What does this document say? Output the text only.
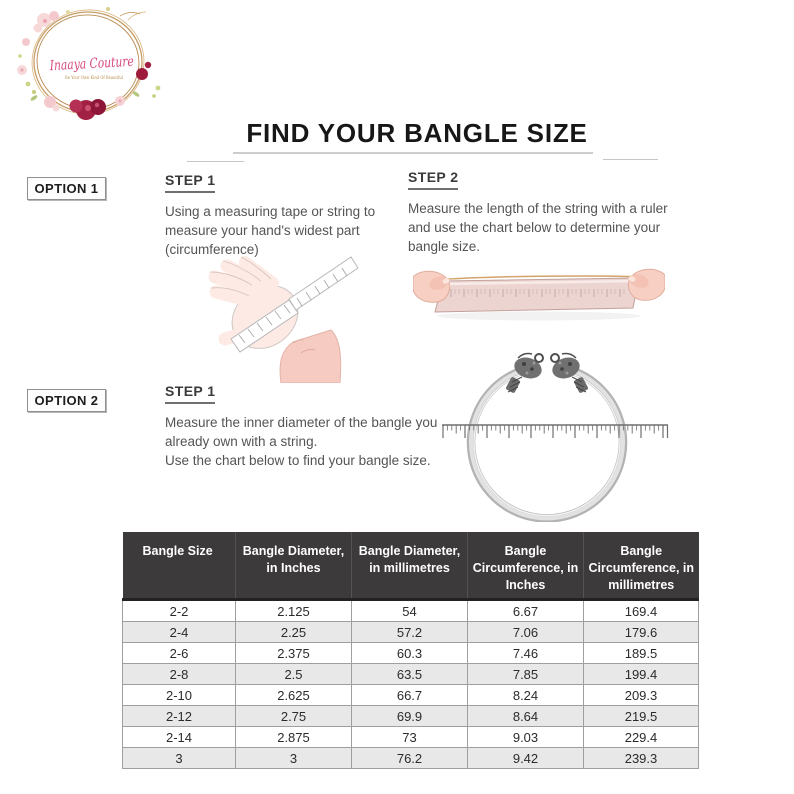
Inaaya Couture
Be Your Own Kind Of Beautiful
FIND YOUR BANGLE SIZE
OPTION 1
STEP 1

Using a measuring tape or string to measure your hand's widest part (circumference)

STEP 2

Measure the length of the string with a ruler and use the chart below to determine your bangle size.

OPTION 2
STEP 1

Measure the inner diameter of the bangle you already own with a string.

Use the chart below to find your bangle size.

Bangle Size	Bangle Diameter, in Inches	Bangle Diameter, in millimetres	Bangle Circumference, in Inches	Bangle Circumference, in millimetres
2-2	2.125	54	6.67	169.4
2-4	2.25	57.2	7.06	179.6
2-6	2.375	60.3	7.46	189.5
2-8	2.5	63.5	7.85	199.4
2-10	2.625	66.7	8.24	209.3
2-12	2.75	69.9	8.64	219.5
2-14	2.875	73	9.03	229.4
3	3	76.2	9.42	239.3
